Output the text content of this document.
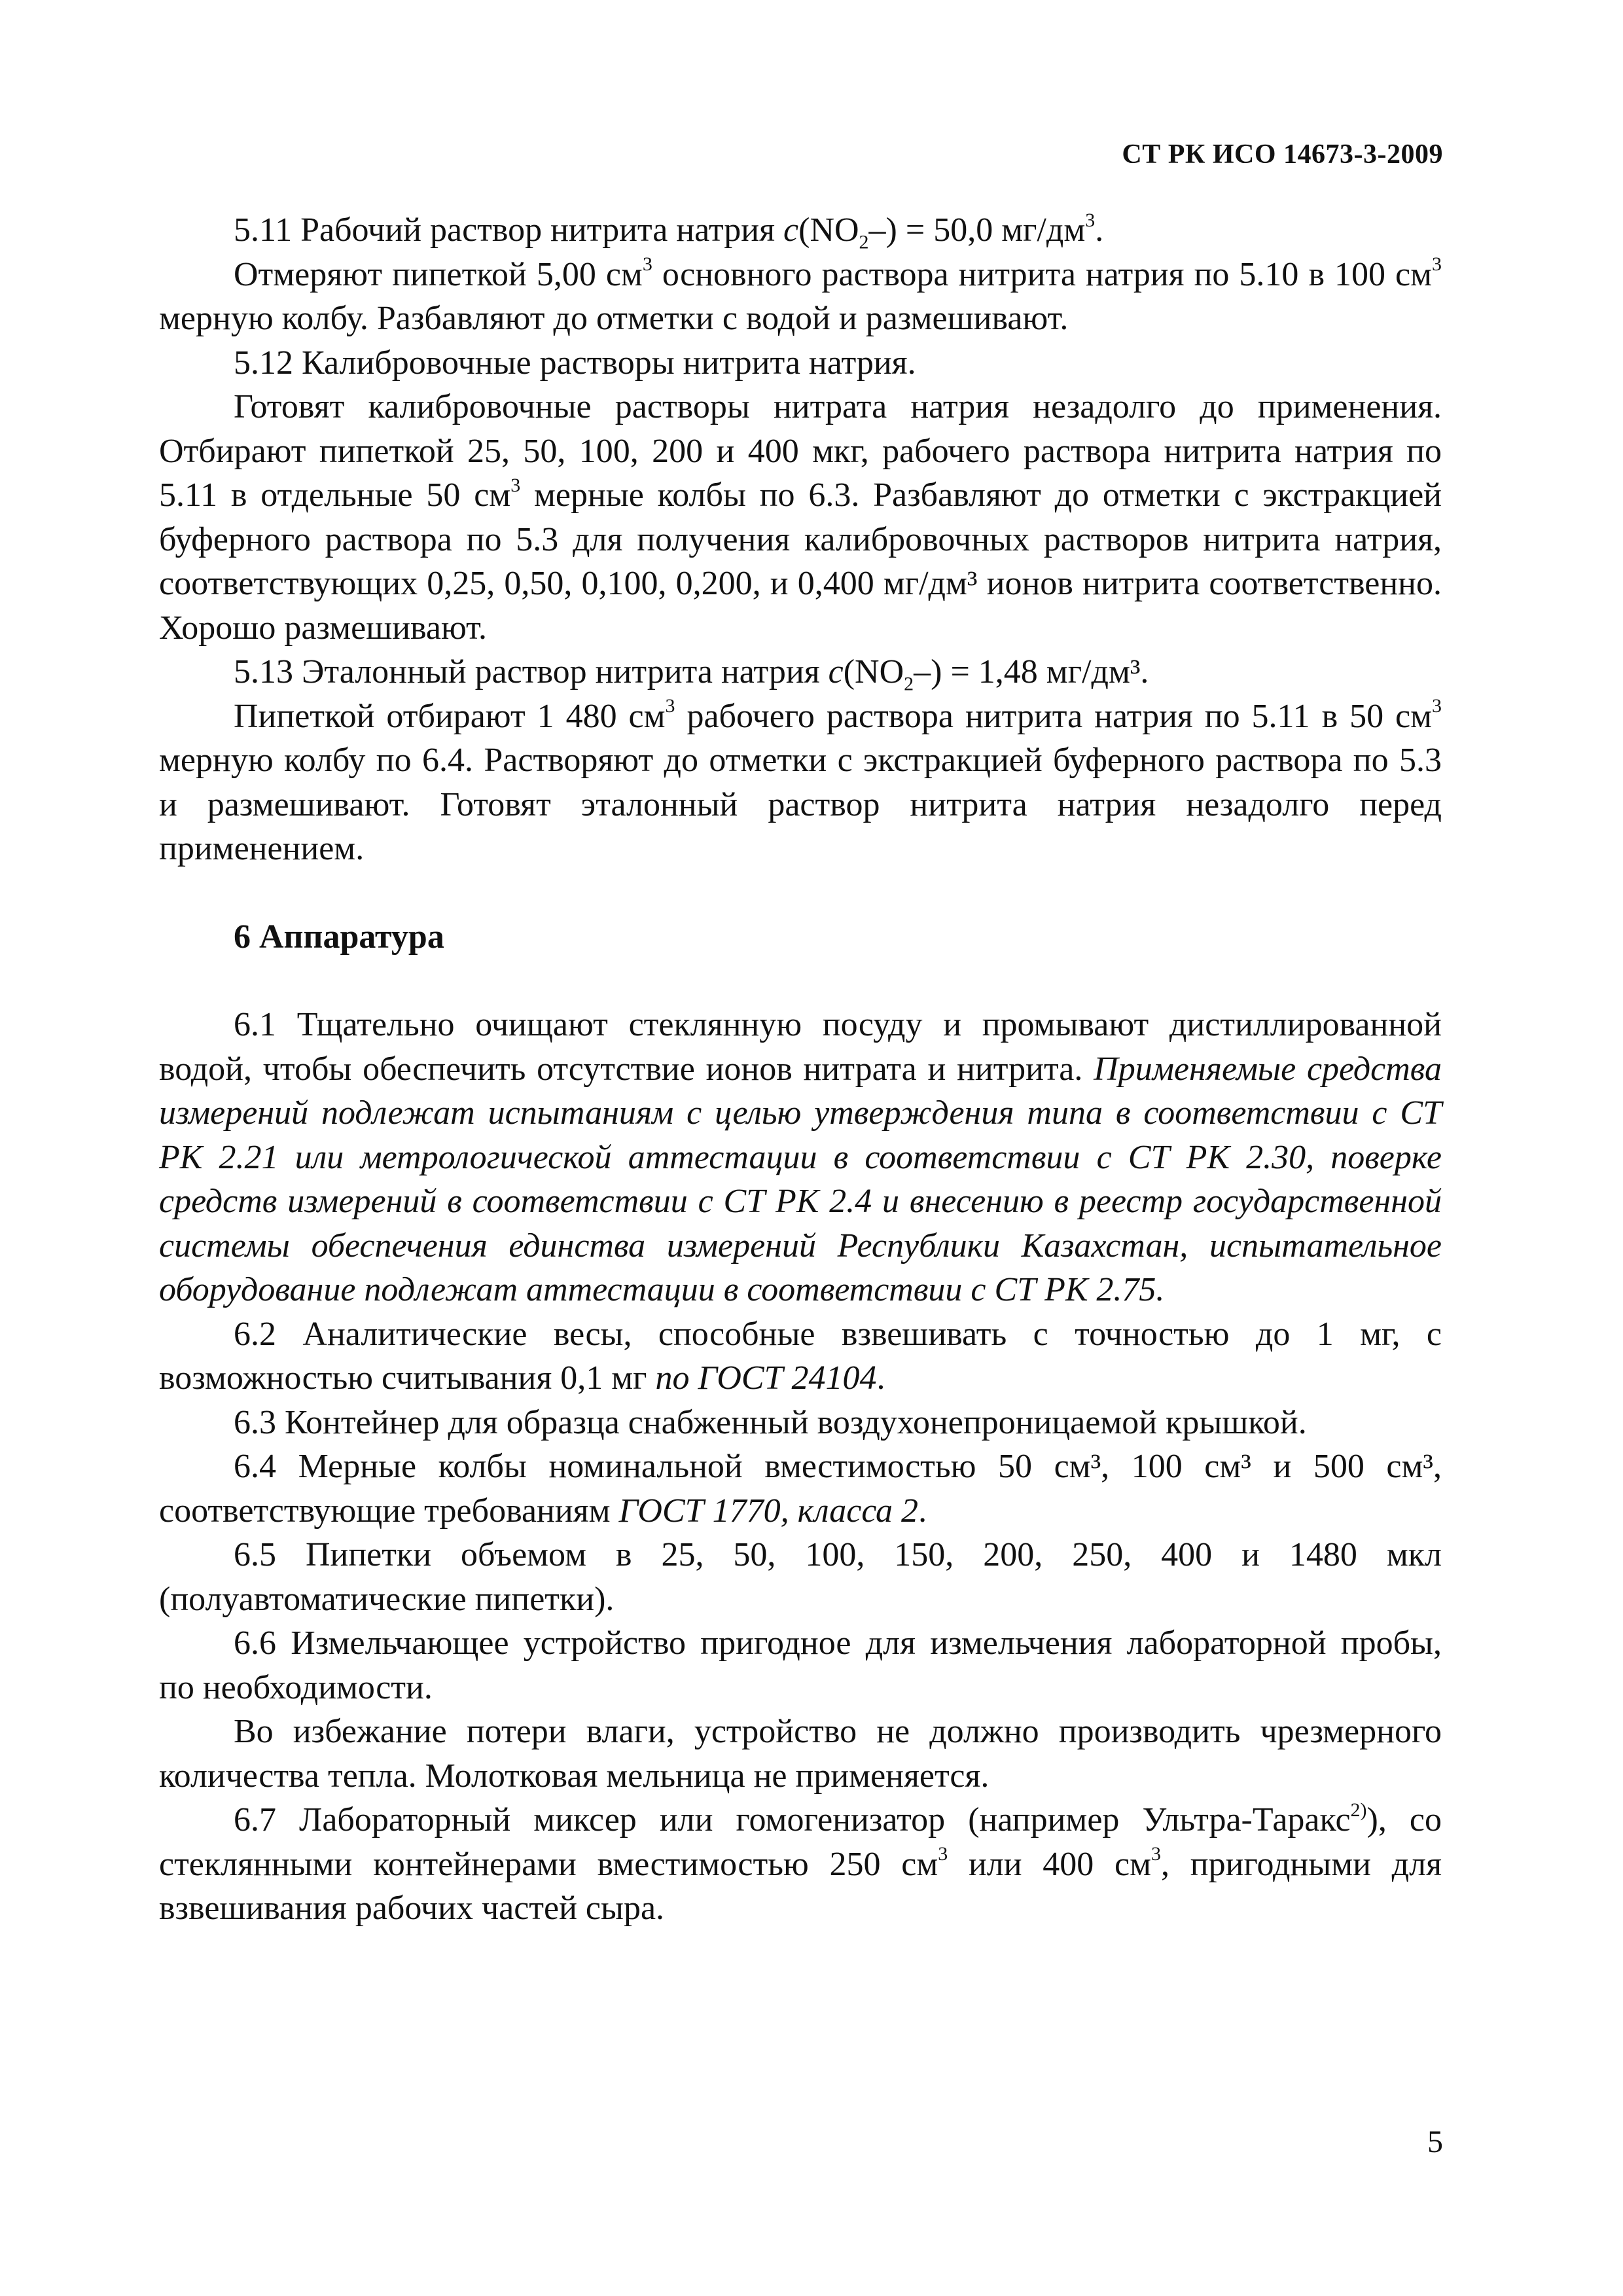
СТ РК ИСО 14673-3-2009

5.11 Рабочий раствор нитрита натрия $c(NO_2-) = 50,0$ $мг/дм^3$.

Отмеряют пипеткой 5,00 $см^3$ основного раствора нитрита натрия по 5.10 в 100 $см^3$ мерную колбу. Разбавляют до отметки с водой и размешивают.

5.12 Калибровочные растворы нитрита натрия.

Готовят калибровочные растворы нитрата натрия незадолго до применения. Отбирают пипеткой 25, 50, 100, 200 и 400 мкг, рабочего раствора нитрита натрия по 5.11 в отдельные 50 $см^3$ мерные колбы по 6.3. Разбавляют до отметки с экстракцией буферного раствора по 5.3 для получения калибровочных растворов нитрита натрия, соответствующих 0,25, 0,50, 0,100, 0,200, и 0,400 мг/дм³ ионов нитрита соответственно. Хорошо размешивают.

5.13 Эталонный раствор нитрита натрия $c(NO_2-) = 1,48$ мг/дм³.

Пипеткой отбирают 1 480 $см^3$ рабочего раствора нитрита натрия по 5.11 в 50 $см^3$ мерную колбу по 6.4. Растворяют до отметки с экстракцией буферного раствора по 5.3 и размешивают. Готовят эталонный раствор нитрита натрия незадолго перед применением.

6 Аппаратура

6.1 Тщательно очищают стеклянную посуду и промывают дистиллированной водой, чтобы обеспечить отсутствие ионов нитрата и нитрита. Применяемые средства измерений подлежат испытаниям с целью утверждения типа в соответствии с СТ РК 2.21 или метрологической аттестации в соответствии с СТ РК 2.30, поверке средств измерений в соответствии с СТ РК 2.4 и внесению в реестр государственной системы обеспечения единства измерений Республики Казахстан, испытательное оборудование подлежат аттестации в соответствии с СТ РК 2.75.

6.2 Аналитические весы, способные взвешивать с точностью до 1 мг, с возможностью считывания 0,1 мг по ГОСТ 24104.

6.3 Контейнер для образца снабженный воздухонепроницаемой крышкой.

6.4 Мерные колбы номинальной вместимостью 50 см³, 100 см³ и 500 см³, соответствующие требованиям ГОСТ 1770, класса 2.

6.5 Пипетки объемом в 25, 50, 100, 150, 200, 250, 400 и 1480 мкл (полуавтоматические пипетки).

6.6 Измельчающее устройство пригодное для измельчения лабораторной пробы, по необходимости.

Во избежание потери влаги, устройство не должно производить чрезмерного количества тепла. Молотковая мельница не применяется.

6.7 Лабораторный миксер или гомогенизатор (например Ультра-Таракс$^{2)}$), со стеклянными контейнерами вместимостью 250 $см^3$ или 400 $см^3$, пригодными для взвешивания рабочих частей сыра.

5
